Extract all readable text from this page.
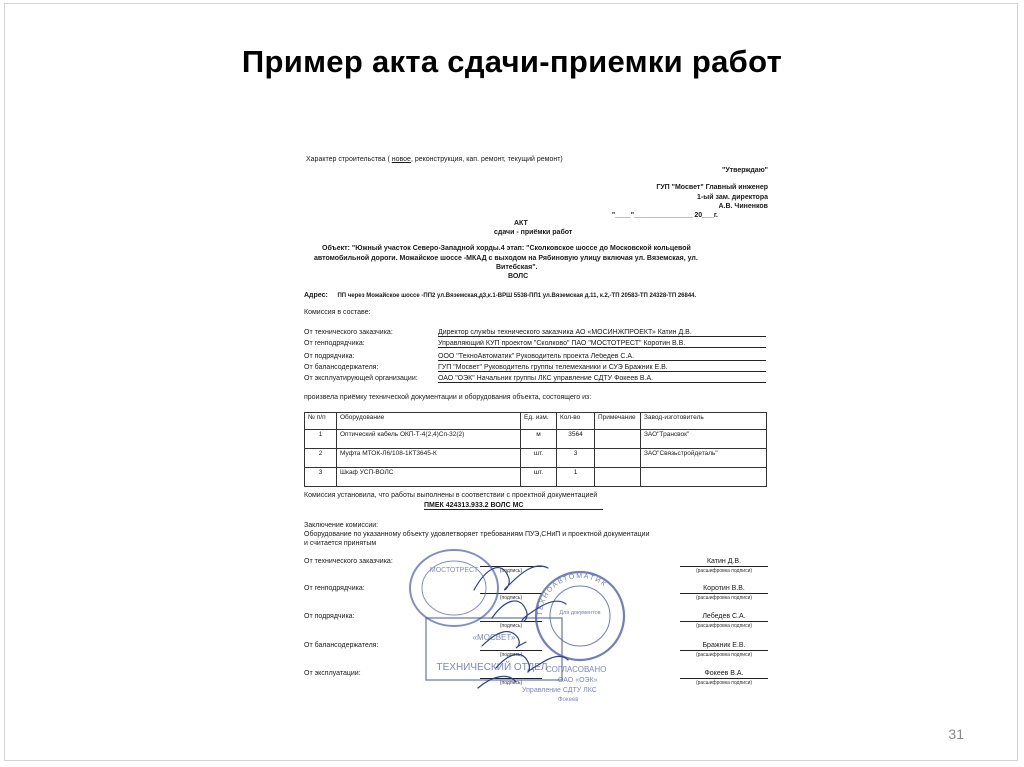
Пример акта сдачи-приемки работ
Характер строительства ( новое, реконструкция, кап. ремонт, текущий ремонт)
"Утверждаю"
ГУП "Мосвет" Главный инженер
1-ый зам. директора
А.В. Чиненков
"____"_______________ 20___г.
АКТ
сдачи - приёмки работ
Объект: "Южный участок Северо-Западной хорды.4 этап: "Сколковское шоссе до Московской кольцевой
автомобильной дороги. Можайское шоссе -МКАД с выходом на Рябиновую улицу включая ул. Вяземская, ул.
Витебская".
ВОЛС
Адрес: ПП через Можайское шоссе -ПП2 ул.Вяземская,д3,к.1-ВРШ 5538-ПП1 ул.Вяземская д.11, к.2,-ТП 20583-ТП 24328-ТП 26844.
Комиссия в составе:
От технического заказчика:	Директор службы технического заказчика АО «МОСИНЖПРОЕКТ» Катин Д.В.
От генподрядчика:	Управляющий КУП проектом "Сколково" ПАО "МОСТОТРЕСТ" Коротин В.В.
От подрядчика:	ООО "ТехноАвтоматик" Руководитель проекта Лебедев С.А.
От балансодержателя:	ГУП "Мосвет" Руководитель группы телемеханики и СУЭ Бражник Е.В.
От эксплуатирующей организации:	ОАО "ОЭК" Начальник группы ЛКС управление СДТУ Фокеев В.А.
произвела приёмку технической документации и оборудования объекта, состоящего из:
№ п/п	Оборудование	Ед. изм.	Кол-во	Примечание	Завод-изготовитель
1	Оптический кабель ОКП-Т-4(2,4)Сп-32(2)	м	3564		ЗАО"Трансвок"
2	Муфта МТОК-Л6/108-1КТ3645-К	шт.	3		ЗАО"Связьстройдеталь"
3	Шкаф УСП-ВОЛС	шт.	1		
Комиссия установила, что работы выполнены в соответствии с проектной документацией
ПМЕК 424313.933.2 ВОЛС МС
Заключение комиссии:
Оборудование по указанному объекту удовлетворяет требованиям ПУЭ,СНиП и проектной документации
и считается принятым
От технического заказчика:
(подпись)
Катин Д.В.
(расшифровка подписи)
От генподрядчика:
(подпись)
Коротин В.В.
(расшифровка подписи)
От подрядчика:
(подпись)
Лебедев С.А.
(расшифровка подписи)
От балансодержателя:
(подпись)
Бражник Е.В.
(расшифровка подписи)
От эксплуатации:
(подпись)
Фокеев В.А.
(расшифровка подписи)
МОСТОТРЕСТ
ТЕХНОАВТОМАТИК
Для документов
«МОСВЕТ»
ТЕХНИЧЕСКИЙ ОТДЕЛ
СОГЛАСОВАНО
ОАО «ОЭК»
Управление СДТУ ЛКС
Фокеев
31
